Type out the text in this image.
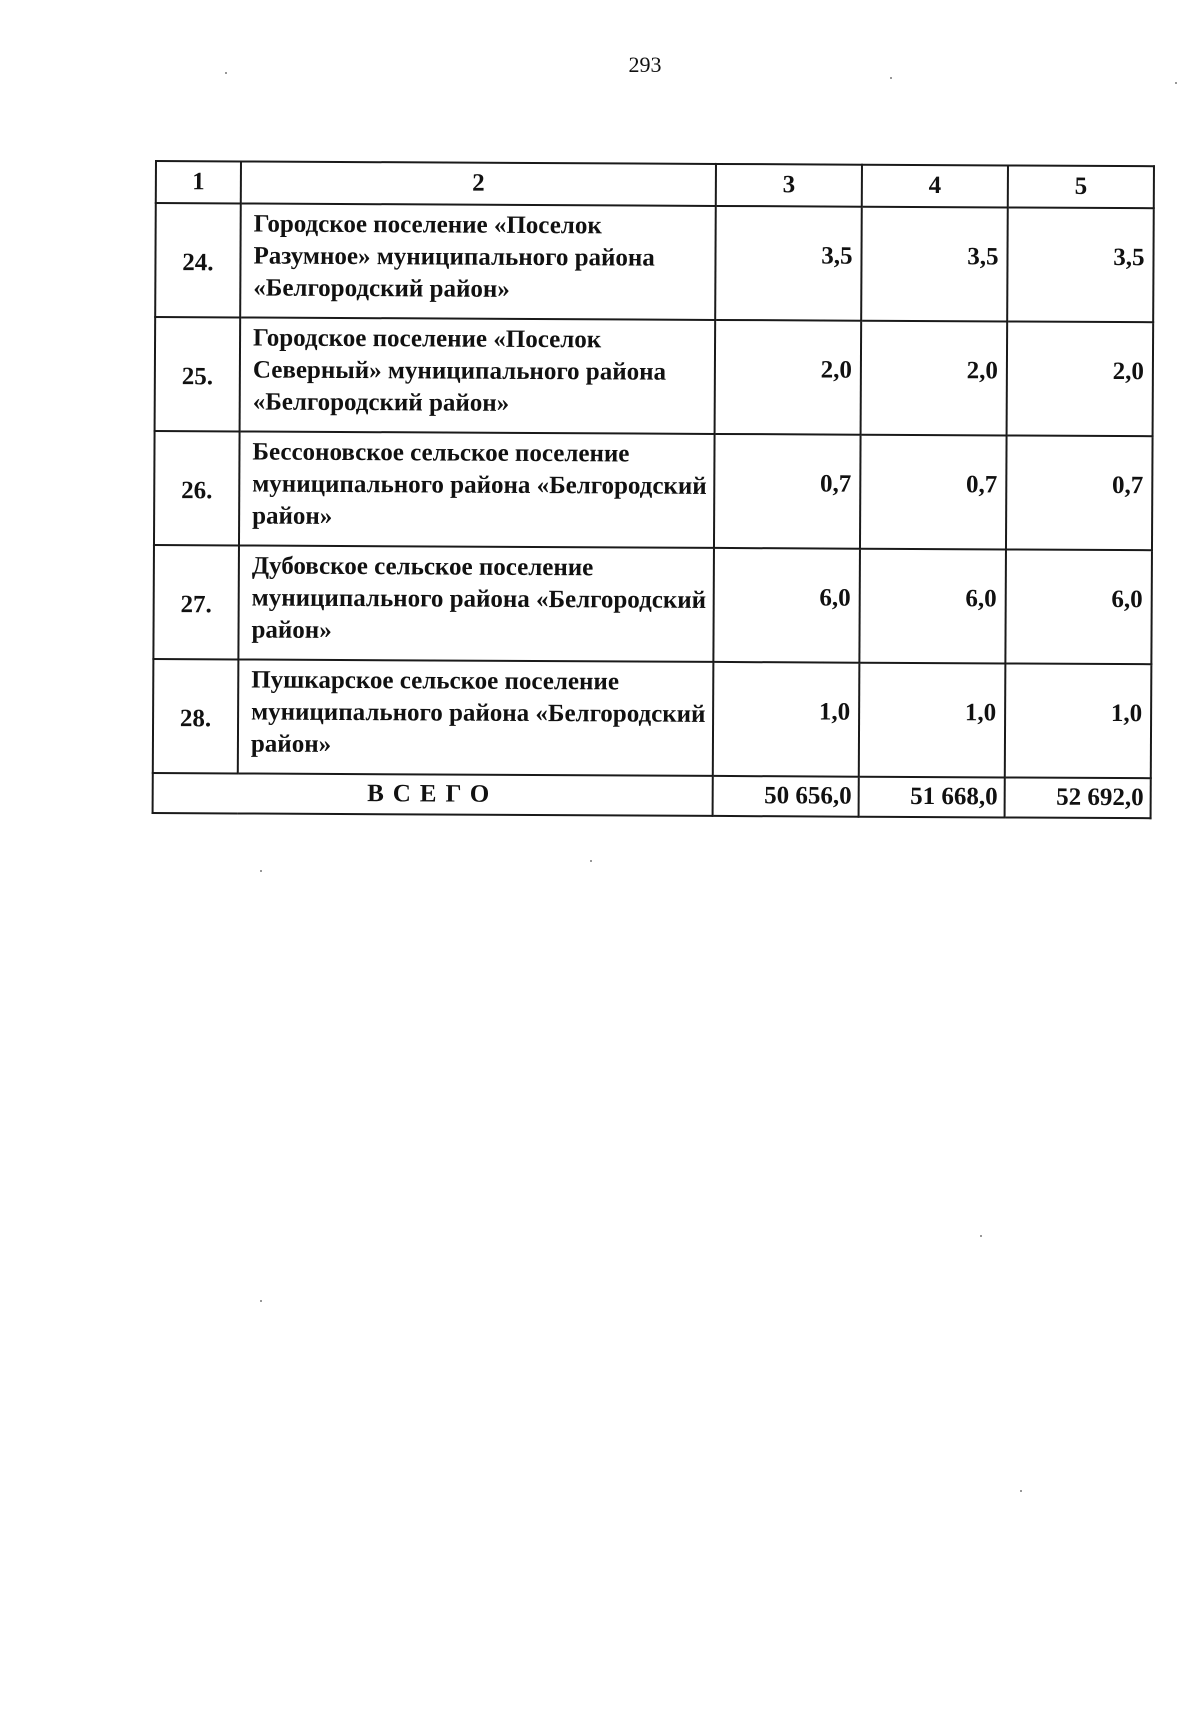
293
1	2	3	4	5
24.	Городское поселение «Поселок Разумное» муниципального района «Белгородский район»	3,5	3,5	3,5
25.	Городское поселение «Поселок Северный» муниципального района «Белгородский район»	2,0	2,0	2,0
26.	Бессоновское сельское поселение муниципального района «Белгородский район»	0,7	0,7	0,7
27.	Дубовское сельское поселение муниципального района «Белгородский район»	6,0	6,0	6,0
28.	Пушкарское сельское поселение муниципального района «Белгородский район»	1,0	1,0	1,0
ВСЕГО		50 656,0	51 668,0	52 692,0
